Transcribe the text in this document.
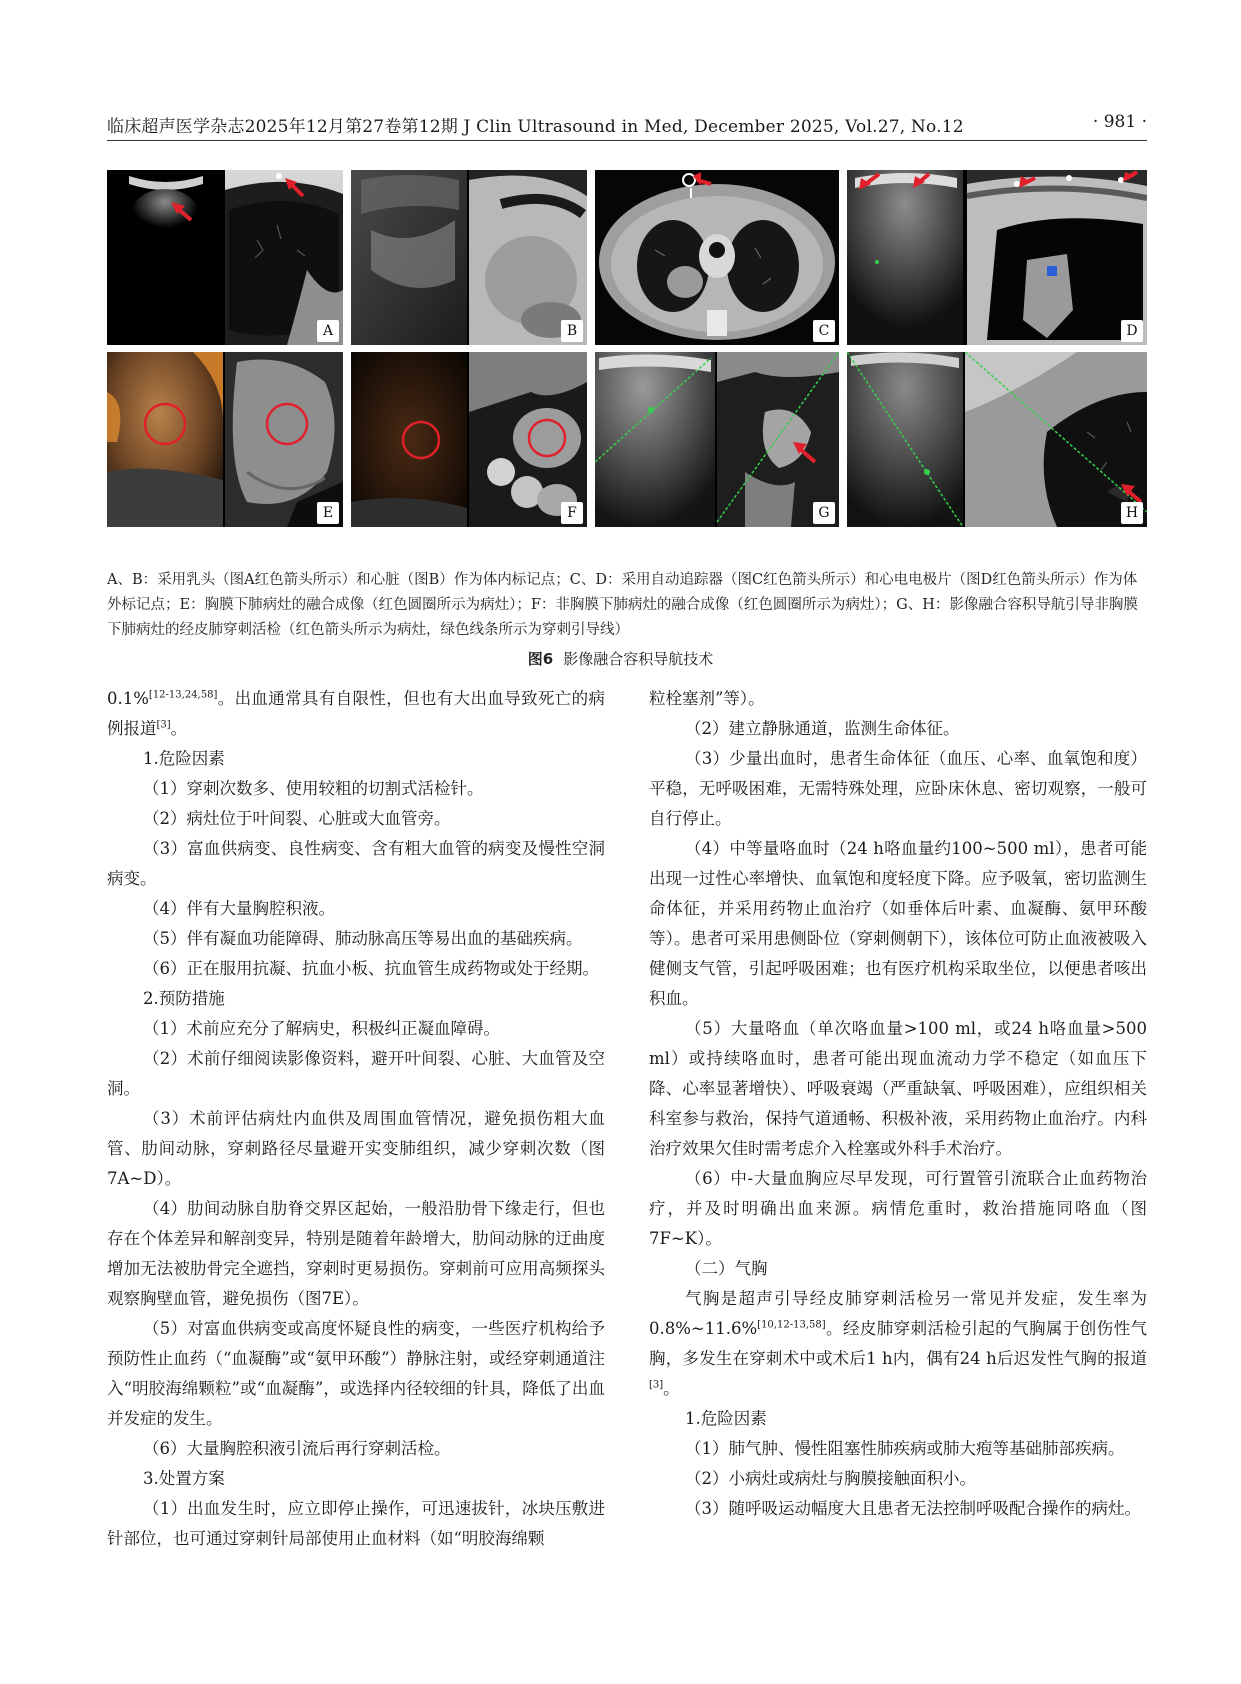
临床超声医学杂志2025年12月第27卷第12期 J Clin Ultrasound in Med, December 2025, Vol.27, No.12	· 981 ·
A	B	C	D
E	F	G	H
A、B：采用乳头（图A红色箭头所示）和心脏（图B）作为体内标记点；C、D：采用自动追踪器（图C红色箭头所示）和心电电极片（图D红色箭头所示）作为体外标记点；E：胸膜下肺病灶的融合成像（红色圆圈所示为病灶）；F：非胸膜下肺病灶的融合成像（红色圆圈所示为病灶）；G、H：影像融合容积导航引导非胸膜下肺病灶的经皮肺穿刺活检（红色箭头所示为病灶，绿色线条所示为穿刺引导线）
图6 影像融合容积导航技术

0.1%[12-13,24,58]。出血通常具有自限性，但也有大出血导致死亡的病例报道[3]。

1.危险因素

（1）穿刺次数多、使用较粗的切割式活检针。

（2）病灶位于叶间裂、心脏或大血管旁。

（3）富血供病变、良性病变、含有粗大血管的病变及慢性空洞病变。

（4）伴有大量胸腔积液。

（5）伴有凝血功能障碍、肺动脉高压等易出血的基础疾病。

（6）正在服用抗凝、抗血小板、抗血管生成药物或处于经期。

2.预防措施

（1）术前应充分了解病史，积极纠正凝血障碍。

（2）术前仔细阅读影像资料，避开叶间裂、心脏、大血管及空洞。

（3）术前评估病灶内血供及周围血管情况，避免损伤粗大血管、肋间动脉，穿刺路径尽量避开实变肺组织，减少穿刺次数（图7A~D）。

（4）肋间动脉自肋脊交界区起始，一般沿肋骨下缘走行，但也存在个体差异和解剖变异，特别是随着年龄增大，肋间动脉的迂曲度增加无法被肋骨完全遮挡，穿刺时更易损伤。穿刺前可应用高频探头观察胸壁血管，避免损伤（图7E）。

（5）对富血供病变或高度怀疑良性的病变，一些医疗机构给予预防性止血药（“血凝酶”或“氨甲环酸”）静脉注射，或经穿刺通道注入“明胶海绵颗粒”或“血凝酶”，或选择内径较细的针具，降低了出血并发症的发生。

（6）大量胸腔积液引流后再行穿刺活检。

3.处置方案

（1）出血发生时，应立即停止操作，可迅速拔针，冰块压敷进针部位，也可通过穿刺针局部使用止血材料（如“明胶海绵颗

粒栓塞剂”等）。

（2）建立静脉通道，监测生命体征。

（3）少量出血时，患者生命体征（血压、心率、血氧饱和度）平稳，无呼吸困难，无需特殊处理，应卧床休息、密切观察，一般可自行停止。

（4）中等量咯血时（24 h咯血量约100~500 ml），患者可能出现一过性心率增快、血氧饱和度轻度下降。应予吸氧，密切监测生命体征，并采用药物止血治疗（如垂体后叶素、血凝酶、氨甲环酸等）。患者可采用患侧卧位（穿刺侧朝下），该体位可防止血液被吸入健侧支气管，引起呼吸困难；也有医疗机构采取坐位，以便患者咳出积血。

（5）大量咯血（单次咯血量>100 ml，或24 h咯血量>500 ml）或持续咯血时，患者可能出现血流动力学不稳定（如血压下降、心率显著增快）、呼吸衰竭（严重缺氧、呼吸困难），应组织相关科室参与救治，保持气道通畅、积极补液，采用药物止血治疗。内科治疗效果欠佳时需考虑介入栓塞或外科手术治疗。

（6）中-大量血胸应尽早发现，可行置管引流联合止血药物治疗，并及时明确出血来源。病情危重时，救治措施同咯血（图7F~K）。

（二）气胸

气胸是超声引导经皮肺穿刺活检另一常见并发症，发生率为0.8%~11.6%[10,12-13,58]。经皮肺穿刺活检引起的气胸属于创伤性气胸，多发生在穿刺术中或术后1 h内，偶有24 h后迟发性气胸的报道[3]。

1.危险因素

（1）肺气肿、慢性阻塞性肺疾病或肺大疱等基础肺部疾病。

（2）小病灶或病灶与胸膜接触面积小。

（3）随呼吸运动幅度大且患者无法控制呼吸配合操作的病灶。
